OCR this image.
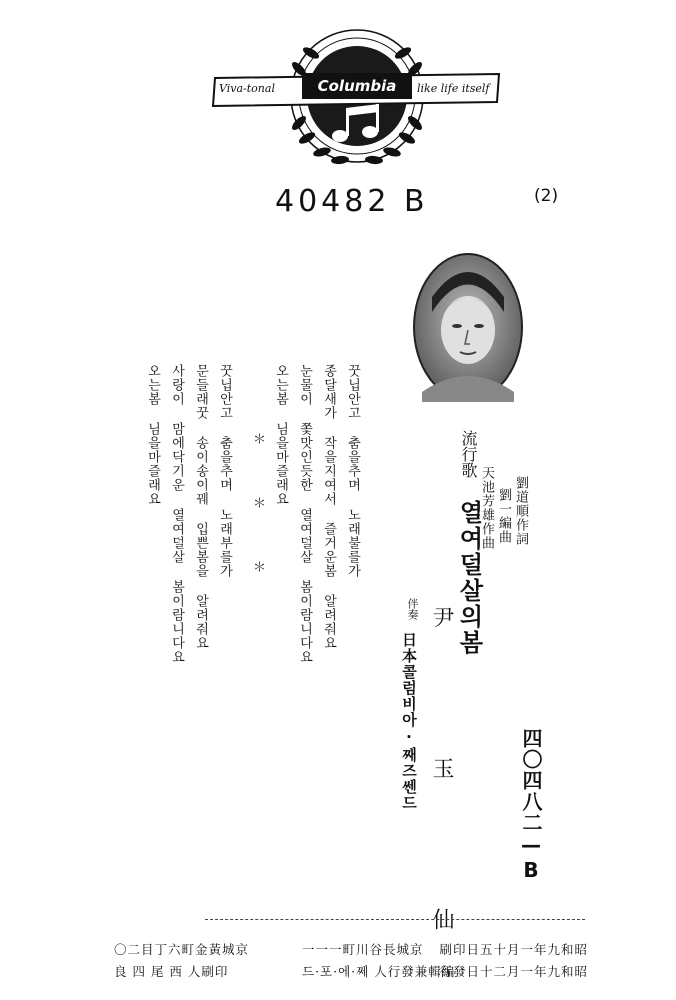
Viva-tonal	Columbia	like life itself
40482 B	(2)
四〇四八二—B
劉道順作詞
劉一編曲
天池芳雄作曲
流行歌
열여덜살의봄
尹 玉 仙
伴奏
日本콜럼비아·째즈쎈드
꿋닙안고 춤을추며 노래불를가
종달새가 작을지여서 즐거운봄 알려줘요
눈물이 쫓맛인듯한 열여덜살 봄이람니다요
오는봄 님을마즐래요
＊ ＊ ＊
꿋닙안고 춤을추며 노래부를가
문들래꿋 송이송이꿰 입쁜봄을 알려줘요
사랑이 맘에닥기운 열여덜살 봄이람니다요
오는봄 님을마즐래요
昭和九年一月十五日印刷
昭和九年一月二十日發行
京城長谷川町一一一
編輯兼發行人 쩨·에·포·드
京城黃金町六丁目二〇
印刷人 西 尾 四 良
